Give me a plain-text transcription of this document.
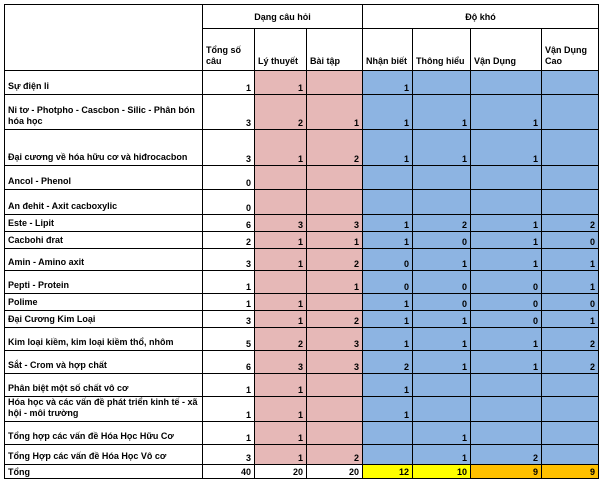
	Dạng câu hỏi			Độ khó			
	Tổng số câu	Lý thuyết	Bài tập	Nhận biết	Thông hiểu	Vận Dụng	Vận Dụng Cao
Sự điện li	1	1		1			
Ni tơ - Photpho - Cascbon - Silic - Phân bón hóa học	3	2	1	1	1	1	
Đại cương về hóa hữu cơ và hiđrocacbon	3	1	2	1	1	1	
Ancol - Phenol	0						
An đehit - Axit cacboxylic	0						
Este - Lipit	6	3	3	1	2	1	2
Cacbohi đrat	2	1	1	1	0	1	0
Amin - Amino axit	3	1	2	0	1	1	1
Pepti - Protein	1		1	0	0	0	1
Polime	1	1		1	0	0	0
Đại Cương Kim Loại	3	1	2	1	1	0	1
Kim loại kiềm, kim loại kiềm thổ, nhôm	5	2	3	1	1	1	2
Sắt - Crom và hợp chất	6	3	3	2	1	1	2
Phân biệt một số chất vô cơ	1	1		1			
Hóa học và các vấn đề phát triển kinh tế - xã hội - môi trường	1	1		1			
Tổng hợp các vấn đề Hóa Học Hữu Cơ	1	1			1		
Tổng Hợp các vấn đề Hóa Học Vô cơ	3	1	2		1	2	
Tổng	40	20	20	12	10	9	9
